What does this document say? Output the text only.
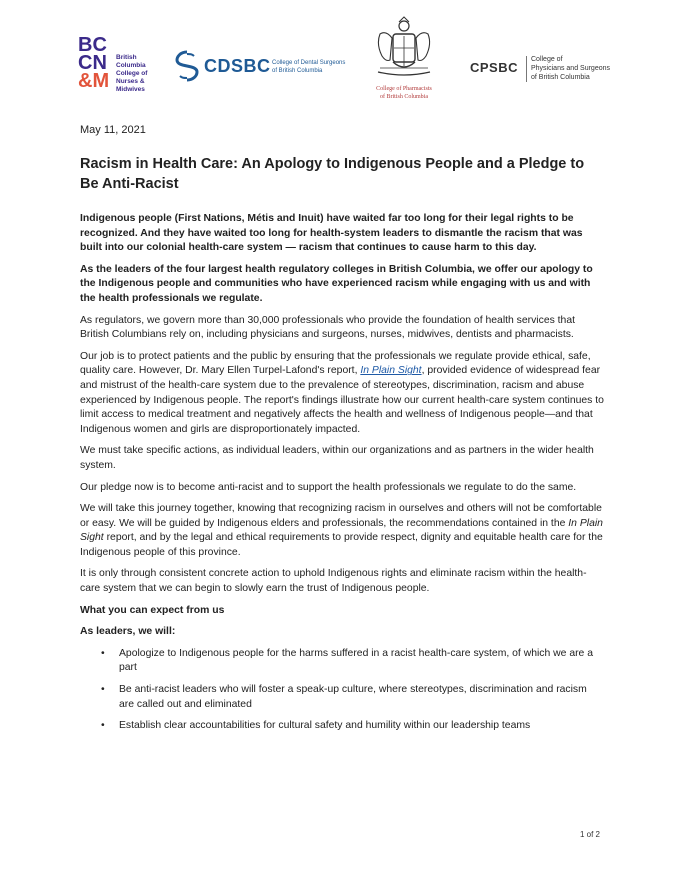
BC
CN
&M
British
Columbia
College of
Nurses &
Midwives
CDSBC College of Dental Surgeons
of British Columbia
College of Pharmacists
of British Columbia
CPSBC
College of
Physicians and Surgeons
of British Columbia

May 11, 2021

Racism in Health Care: An Apology to Indigenous People and a Pledge to Be Anti-Racist

Indigenous people (First Nations, Métis and Inuit) have waited far too long for their legal rights to be recognized. And they have waited too long for health-system leaders to dismantle the racism that was built into our colonial health-care system — racism that continues to cause harm to this day.

As the leaders of the four largest health regulatory colleges in British Columbia, we offer our apology to the Indigenous people and communities who have experienced racism while engaging with us and with the health professionals we regulate.

As regulators, we govern more than 30,000 professionals who provide the foundation of health services that British Columbians rely on, including physicians and surgeons, nurses, midwives, dentists and pharmacists.

Our job is to protect patients and the public by ensuring that the professionals we regulate provide ethical, safe, quality care. However, Dr. Mary Ellen Turpel-Lafond's report, In Plain Sight, provided evidence of widespread fear and mistrust of the health-care system due to the prevalence of stereotypes, discrimination, racism and abuse experienced by Indigenous people. The report's findings illustrate how our current health-care system continues to limit access to medical treatment and negatively affects the health and wellness of Indigenous people—and that Indigenous women and girls are disproportionately impacted.

We must take specific actions, as individual leaders, within our organizations and as partners in the wider health system.

Our pledge now is to become anti-racist and to support the health professionals we regulate to do the same.

We will take this journey together, knowing that recognizing racism in ourselves and others will not be comfortable or easy. We will be guided by Indigenous elders and professionals, the recommendations contained in the In Plain Sight report, and by the legal and ethical requirements to provide respect, dignity and equitable health care for the Indigenous people of this province.

It is only through consistent concrete action to uphold Indigenous rights and eliminate racism within the health-care system that we can begin to slowly earn the trust of Indigenous people.

What you can expect from us

As leaders, we will:

• Apologize to Indigenous people for the harms suffered in a racist health-care system, of which we are a part
• Be anti-racist leaders who will foster a speak-up culture, where stereotypes, discrimination and racism are called out and eliminated
• Establish clear accountabilities for cultural safety and humility within our leadership teams
1 of 2
